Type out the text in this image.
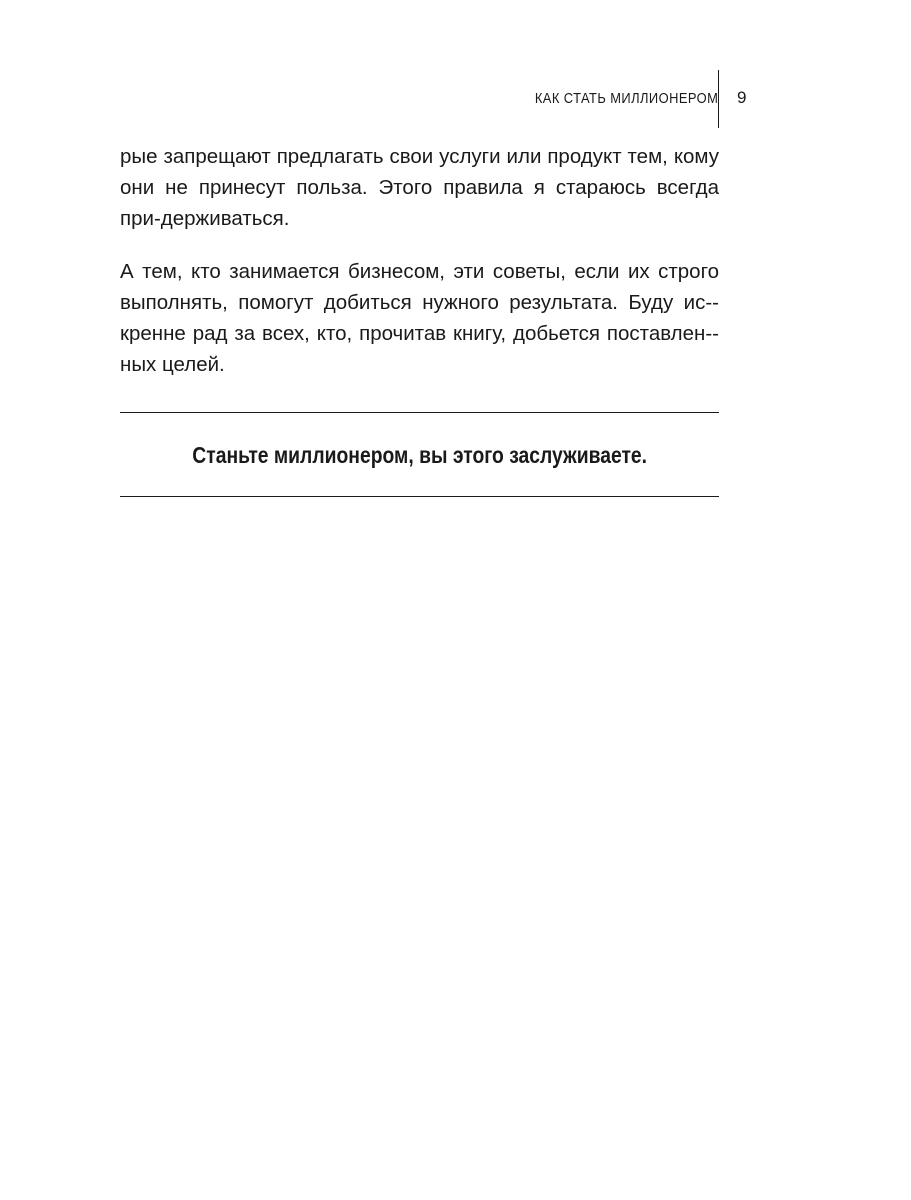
КАК СТАТЬ МИЛЛИОНЕРОМ 9

рые запрещают предлагать свои услуги или продукт тем, кому они не принесут польза. Этого правила я стараюсь всегда при-держиваться.

А тем, кто занимается бизнесом, эти советы, если их строго выполнять, помогут добиться нужного результата. Буду ис-кренне рад за всех, кто, прочитав книгу, добьется поставлен-ных целей.

Станьте миллионером, вы этого заслуживаете.
